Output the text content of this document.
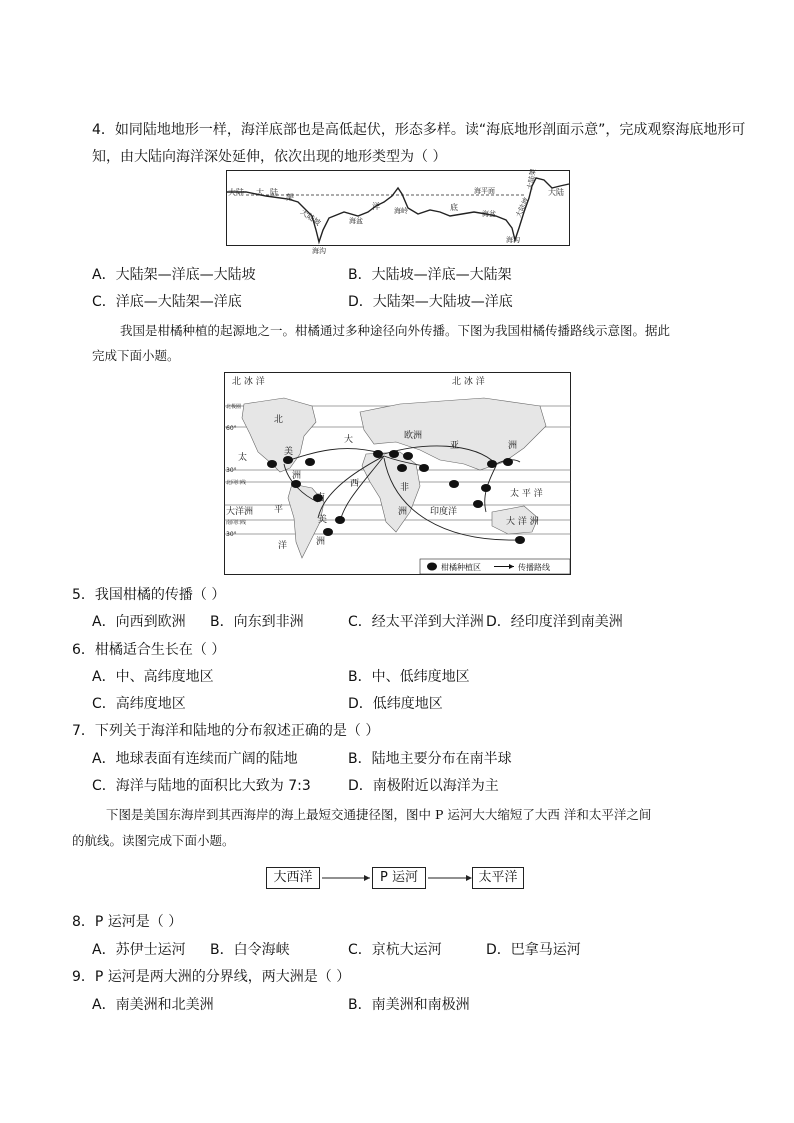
4．如同陆地地形一样，海洋底部也是高低起伏，形态多样。读“海底地形剖面示意”，完成观察海底地形可
知，由大陆向海洋深处延伸，依次出现的地形类型为（ ）
大陆 大 陆
架
大陆坡
海沟
洋
海盆
海岭	底
海平面
海盆	大陆坡
大陆架
大陆
海沟
A．大陆架—洋底—大陆坡	B．大陆坡—洋底—大陆架
C．洋底—大陆架—洋底	D．大陆架—大陆坡—洋底
我国是柑橘种植的起源地之一。柑橘通过多种途径向外传播。下图为我国柑橘传播路线示意图。据此
完成下面小题。
柑橘种植区	传播路线
北 冰 洋	北 冰 洋
北极圈
60°
北
美
太
大	欧洲
亚	洲
30°
北回归线
洲
西	非
太 平 洋
大洋洲 平
南
洲	印度洋
南回归线	美	大 洋 洲
30°
洋	洲
5．我国柑橘的传播（ ）
A．向西到欧洲 B．向东到非洲	C．经太平洋到大洋洲 D．经印度洋到南美洲
6．柑橘适合生长在（ ）
A．中、高纬度地区	B．中、低纬度地区
C．高纬度地区	D．低纬度地区
7．下列关于海洋和陆地的分布叙述正确的是（ ）
A．地球表面有连续而广阔的陆地	B．陆地主要分布在南半球
C．海洋与陆地的面积比大致为 7:3	D．南极附近以海洋为主
下图是美国东海岸到其西海岸的海上最短交通捷径图，图中 P 运河大大缩短了大西 洋和太平洋之间
的航线。读图完成下面小题。
大西洋	P 运河	太平洋
8．P 运河是（ ）
A．苏伊士运河 B．白令海峡	C．京杭大运河	D．巴拿马运河
9．P 运河是两大洲的分界线，两大洲是（ ）
A．南美洲和北美洲	B．南美洲和南极洲
